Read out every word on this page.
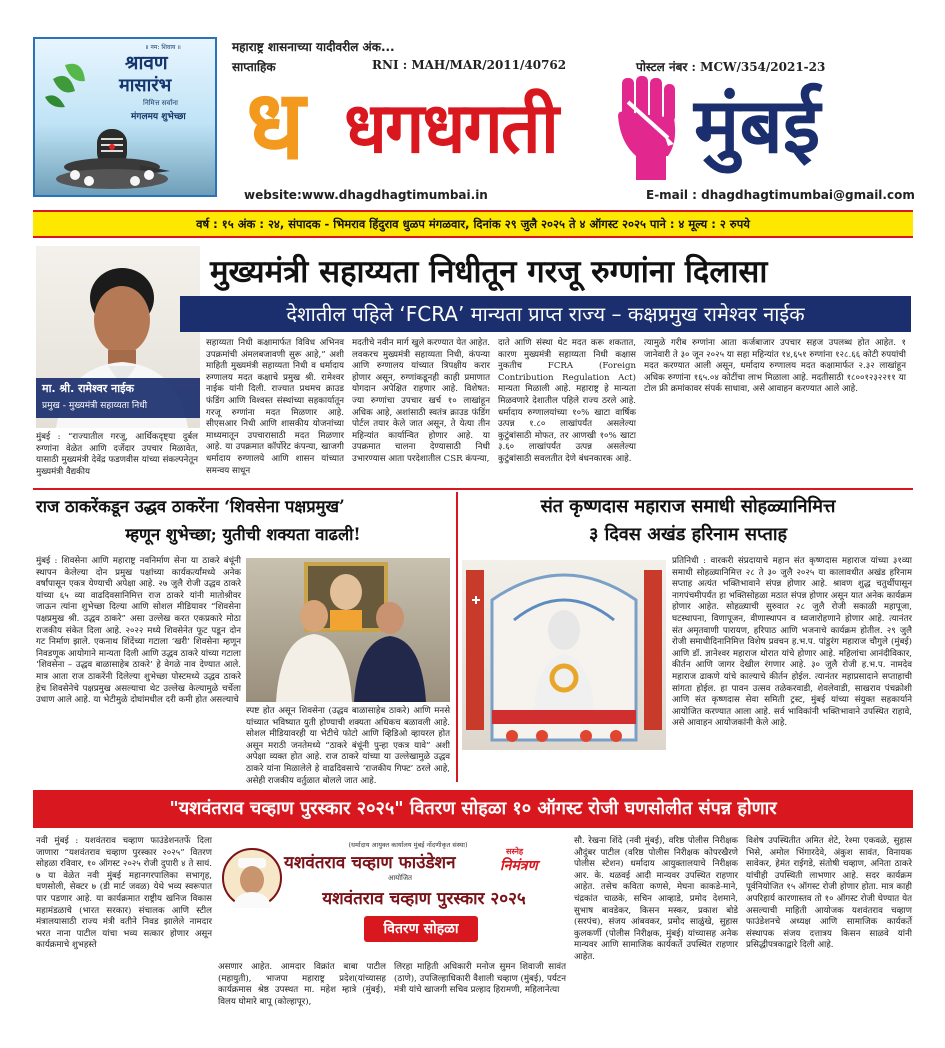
॥ नम: शिवाय ॥
श्रावण
मासारंभ
निमित्त सर्वांना
मंगलमय शुभेच्छा
महाराष्ट्र शासनाच्या यादीवरील अंक...
साप्ताहिक	RNI : MAH/MAR/2011/40762	पोस्टल नंबर : MCW/354/2021-23
ध धगधगती मुंबई
website:www.dhagdhagtimumbai.in	E-mail : dhagdhagtimumbai@gmail.com
वर्ष : १५ अंक : २४, संपादक - भिमराव हिंदुराव धुळप मंगळवार, दिनांक २९ जुलै २०२५ ते ४ ऑगस्ट २०२५ पाने : ४ मूल्य : २ रुपये
मा. श्री. रामेश्वर नाईक
प्रमुख - मुख्यमंत्री सहाय्यता निधी
मुख्यमंत्री सहाय्यता निधीतून गरजू रुग्णांना दिलासा
देशातील पहिले ‘FCRA’ मान्यता प्राप्त राज्य – कक्षप्रमुख रामेश्वर नाईक
मुंबई : “राज्यातील गरजू, आर्थिकदृष्ट्या दुर्बल रुग्णांना वेळेत आणि दर्जेदार उपचार मिळावेत, यासाठी मुख्यमंत्री देवेंद्र फडणवीस यांच्या संकल्पनेतून मुख्यमंत्री वैद्यकीय
सहाय्यता निधी कक्षामार्फत विविध अभिनव उपक्रमांची अंमलबजावणी सुरू आहे,” अशी माहिती मुख्यमंत्री सहाय्यता निधी व धर्मादाय रुग्णालय मदत कक्षाचे प्रमुख श्री. रामेश्वर नाईक यांनी दिली. राज्यात प्रथमच क्राउड फंडिंग आणि विश्वस्त संस्थांच्या सहकार्यातून गरजू रुग्णांना मदत मिळणार आहे. सीएसआर निधी आणि शासकीय योजनांच्या माध्यमातून उपचारासाठी मदत मिळणार आहे. या उपक्रमात कॉर्पोरेट कंपन्या, खाजगी धर्मादाय रुग्णालये आणि शासन यांच्यात समन्वय साधून
मदतीचे नवीन मार्ग खुले करण्यात येत आहेत. लवकरच मुख्यमंत्री सहाय्यता निधी, कंपन्या आणि रुग्णालय यांच्यात त्रिपक्षीय करार होणार असून, रुग्णांकडूनही काही प्रमाणात योगदान अपेक्षित राहणार आहे. विशेषत: ज्या रुग्णांचा उपचार खर्च १० लाखांहून अधिक आहे, अशांसाठी स्वतंत्र क्राउड फंडिंग पोर्टल तयार केले जात असून, ते येत्या तीन महिन्यांत कार्यान्वित होणार आहे. या उपक्रमात चालना देण्यासाठी निधी उभारण्यास आता परदेशातील CSR कंपन्या,
दाते आणि संस्था थेट मदत करू शकतात, कारण मुख्यमंत्री सहाय्यता निधी कक्षास नुकतीच FCRA (Foreign Contribution Regulation Act) मान्यता मिळाली आहे. महाराष्ट्र हे मान्यता मिळवणारे देशातील पहिले राज्य ठरले आहे. धर्मादाय रुग्णालयांच्या १०% खाटा वार्षिक उत्पन्न १.८० लाखांपर्यंत असलेल्या कुटुंबांसाठी मोफत, तर आणखी १०% खाटा ३.६० लाखांपर्यंत उत्पन्न असलेल्या कुटुंबांसाठी सवलतीत देणे बंधनकारक आहे.
त्यामुळे गरीब रुग्णांना आता कर्जबाजार उपचार सहज उपलब्ध होत आहेत. १ जानेवारी ते ३० जून २०२५ या सहा महिन्यांत १४,६५१ रुग्णांना १२८.६६ कोटी रुपयांची मदत करण्यात आली असून, धर्मादाय रुग्णालय मदत कक्षामार्फत २.३२ लाखांहून अधिक रुग्णांना १६५.०४ कोटींचा लाभ मिळाला आहे. मदतीसाठी १८००१२३२२११ या टोल फ्री क्रमांकावर संपर्क साधावा, असे आवाहन करण्यात आले आहे.
राज ठाकरेंकडून उद्धव ठाकरेंना ‘शिवसेना पक्षप्रमुख’
म्हणून शुभेच्छा; युतीची शक्यता वाढली!
मुंबई : शिवसेना आणि महाराष्ट्र नवनिर्माण सेना या ठाकरे बंधूंनी स्थापन केलेल्या दोन प्रमुख पक्षांच्या कार्यकर्त्यांमध्ये अनेक वर्षांपासून एकत्र येण्याची अपेक्षा आहे. २७ जुलै रोजी उद्धव ठाकरे यांच्या ६५ व्या वाढदिवसानिमित्त राज ठाकरे यांनी मातोश्रीवर जाऊन त्यांना शुभेच्छा दिल्या आणि सोशल मीडियावर “शिवसेना पक्षप्रमुख श्री. उद्धव ठाकरे” असा उल्लेख करत एकप्रकारे मोठा राजकीय संकेत दिला आहे. २०२२ मध्ये शिवसेनेत फूट पडून दोन गट निर्माण झाले. एकनाथ शिंदेंच्या गटाला ‘खरी’ शिवसेना म्हणून निवडणूक आयोगाने मान्यता दिली आणि उद्धव ठाकरे यांच्या गटाला ‘शिवसेना – उद्धव बाळासाहेब ठाकरे’ हे वेगळे नाव देण्यात आले. मात्र आता राज ठाकरेंनी दिलेल्या शुभेच्छा पोस्टमध्ये उद्धव ठाकरे हेच शिवसेनेचे पक्षप्रमुख असल्याचा थेट उल्लेख केल्यामुळे चर्चेला उधाण आले आहे. या भेटीमुळे दोघांमधील दरी कमी होत असल्याचे
स्पष्ट होत असून शिवसेना (उद्धव बाळासाहेब ठाकरे) आणि मनसे यांच्यात भविष्यात युती होण्याची शक्यता अधिकच बळावली आहे. सोशल मीडियावरही या भेटीचे फोटो आणि व्हिडिओ व्हायरल होत असून मराठी जनतेमध्ये “ठाकरे बंधूंनी पुन्हा एकत्र यावे” अशी अपेक्षा व्यक्त होत आहे. राज ठाकरे यांच्या या उल्लेखामुळे उद्धव ठाकरे यांना मिळालेले हे वाढदिवसाचे ‘राजकीय गिफ्ट’ ठरले आहे, असेही राजकीय वर्तुळात बोलले जात आहे.
संत कृष्णदास महाराज समाधी सोहळ्यानिमित्त
३ दिवस अखंड हरिनाम सप्ताह
प्रतिनिधी : वारकरी संप्रदायाचे महान संत कृष्णदास महाराज यांच्या ३१व्या समाधी सोहळ्यानिमित्त २८ ते ३० जुलै २०२५ या कालावधीत अखंड हरिनाम सप्ताह अत्यंत भक्तिभावाने संपन्न होणार आहे. श्रावण शुद्ध चतुर्थीपासून नागपंचमीपर्यंत हा भक्तिसोहळा मठात संपन्न होणार असून यात अनेक कार्यक्रम होणार आहेत. सोहळ्याची सुरुवात २८ जुलै रोजी सकाळी महापूजा, घटस्थापना, विणापूजन, वीणास्थापन व ध्वजारोहणाने होणार आहे. त्यानंतर संत अमृतवाणी पारायण, हरिपाठ आणि भजनाचे कार्यक्रम होतील. २९ जुलै रोजी समाधीदिनानिमित्त विशेष प्रवचन ह.भ.प. पांडुरंग महाराज चौगुले (मुंबई) आणि डॉ. ज्ञानेश्वर महाराज थोरात यांचे होणार आहे. महिलांचा आनंदीविकार, कीर्तन आणि जागर देखील रंगणार आहे. ३० जुलै रोजी ह.भ.प. नामदेव महाराज ढाकणे यांचे काल्याचे कीर्तन होईल. त्यानंतर महाप्रसादाने सप्ताहाची सांगता होईल. हा पावन उत्सव तळेकरवाडी, शेवलेवाडी, साखराव पंचक्रोशी आणि संत कृष्णदास सेवा समिती ट्रस्ट, मुंबई यांच्या संयुक्त सहकार्याने आयोजित करण्यात आला आहे. सर्व भाविकांनी भक्तिभावाने उपस्थित राहावे, असे आवाहन आयोजकांनी केले आहे.
"यशवंतराव चव्हाण पुरस्कार २०२५" वितरण सोहळा १० ऑगस्ट रोजी घणसोलीत संपन्न होणार
नवी मुंबई : यशवंतराव चव्हाण फाउंडेशनतर्फे दिला जाणारा “यशवंतराव चव्हाण पुरस्कार २०२५” वितरण सोहळा रविवार, १० ऑगस्ट २०२५ रोजी दुपारी ४ ते सायं. ७ या वेळेत नवी मुंबई महानगरपालिका सभागृह, घणसोली, सेक्टर ७ (डी मार्ट जवळ) येथे भव्य स्वरूपात पार पडणार आहे. या कार्यक्रमात राष्ट्रीय खनिज विकास महामंडळाचे (भारत सरकार) संचालक आणि स्टील मंत्रालयासाठी राज्य मंत्री वतीने निवड झालेले नामदार भरत नाना पाटील यांचा भव्य सत्कार होणार असून कार्यक्रमाचे शुभहस्ते
(धर्मादाय आयुक्त कार्यालय मुंबई नोंदणीकृत संस्था)
यशवंतराव चव्हाण फाउंडेशन
आयोजित
सस्नेह
निमंत्रण
यशवंतराव चव्हाण पुरस्कार २०२५
वितरण सोहळा
असणार आहेत. आमदार विक्रांत बाबा पाटील (महायुती), भाजपा महाराष्ट्र प्रदेश(यांच्यासह कार्यक्रमास श्रेष्ठ उपस्थत मा. महेश म्हात्रे (मुंबई), विलय घोमारे बापू (कोल्हापूर),
लिरहा माहिती अधिकारी मनोज सुमन शिवाजी सावंत (ठाणे), उपजिल्हाधिकारी वैशाली चव्हाण (मुंबई), पर्यटन मंत्री यांचे खाजगी सचिव प्रल्हाद हिरामणी, महिलानेत्या
सौ. रेखना शिंदे (नवी मुंबई), वरिष्ठ पोलीस निरीक्षक औदुंबर पाटील (वरिष्ठ पोलीस निरीक्षक कोपरखैरणे पोलीस स्टेशन) धर्मादाय आयुक्तालयाचे निरीक्षक आर. के. थळवई आदी मान्यवर उपस्थित राहणार आहेत. तसेच कविता कणसे, मेघना काकडे-माने, चंद्रकांत चाळके, सचिन आव्हाडे, प्रमोद देशमाने, सुभाष बावडेकर, किसन मस्कर, प्रकाश बोडे (सरपंच), संजय आंबवकर, प्रमोद साळुंखे, सुहास कुलकर्णी (पोलीस निरीक्षक, मुंबई) यांच्यासह अनेक मान्यवर आणि सामाजिक कार्यकर्ते उपस्थित राहणार आहेत.
विशेष उपस्थितीत अमित शेटे, रेश्मा एकवळे, सुहास भिसे, अमोल भिंगारदेवे, अंकुश सावंत, विनायक सावेकर, हेमंत राईगडे, संतोषी चव्हाण, अनिता ठाकरे यांचीही उपस्थिती लाभणार आहे. सदर कार्यक्रम पूर्वनियोजित १५ ऑगस्ट रोजी होणार होता. मात्र काही अपरिहार्य कारणास्तव तो १० ऑगस्ट रोजी घेण्यात येत असल्याची माहिती आयोजक यशवंतराव चव्हाण फाउंडेशनचे अध्यक्ष आणि सामाजिक कार्यकर्ते संस्थापक संजय दत्तात्रय किसन साळवे यांनी प्रसिद्धीपत्रकाद्वारे दिली आहे.
